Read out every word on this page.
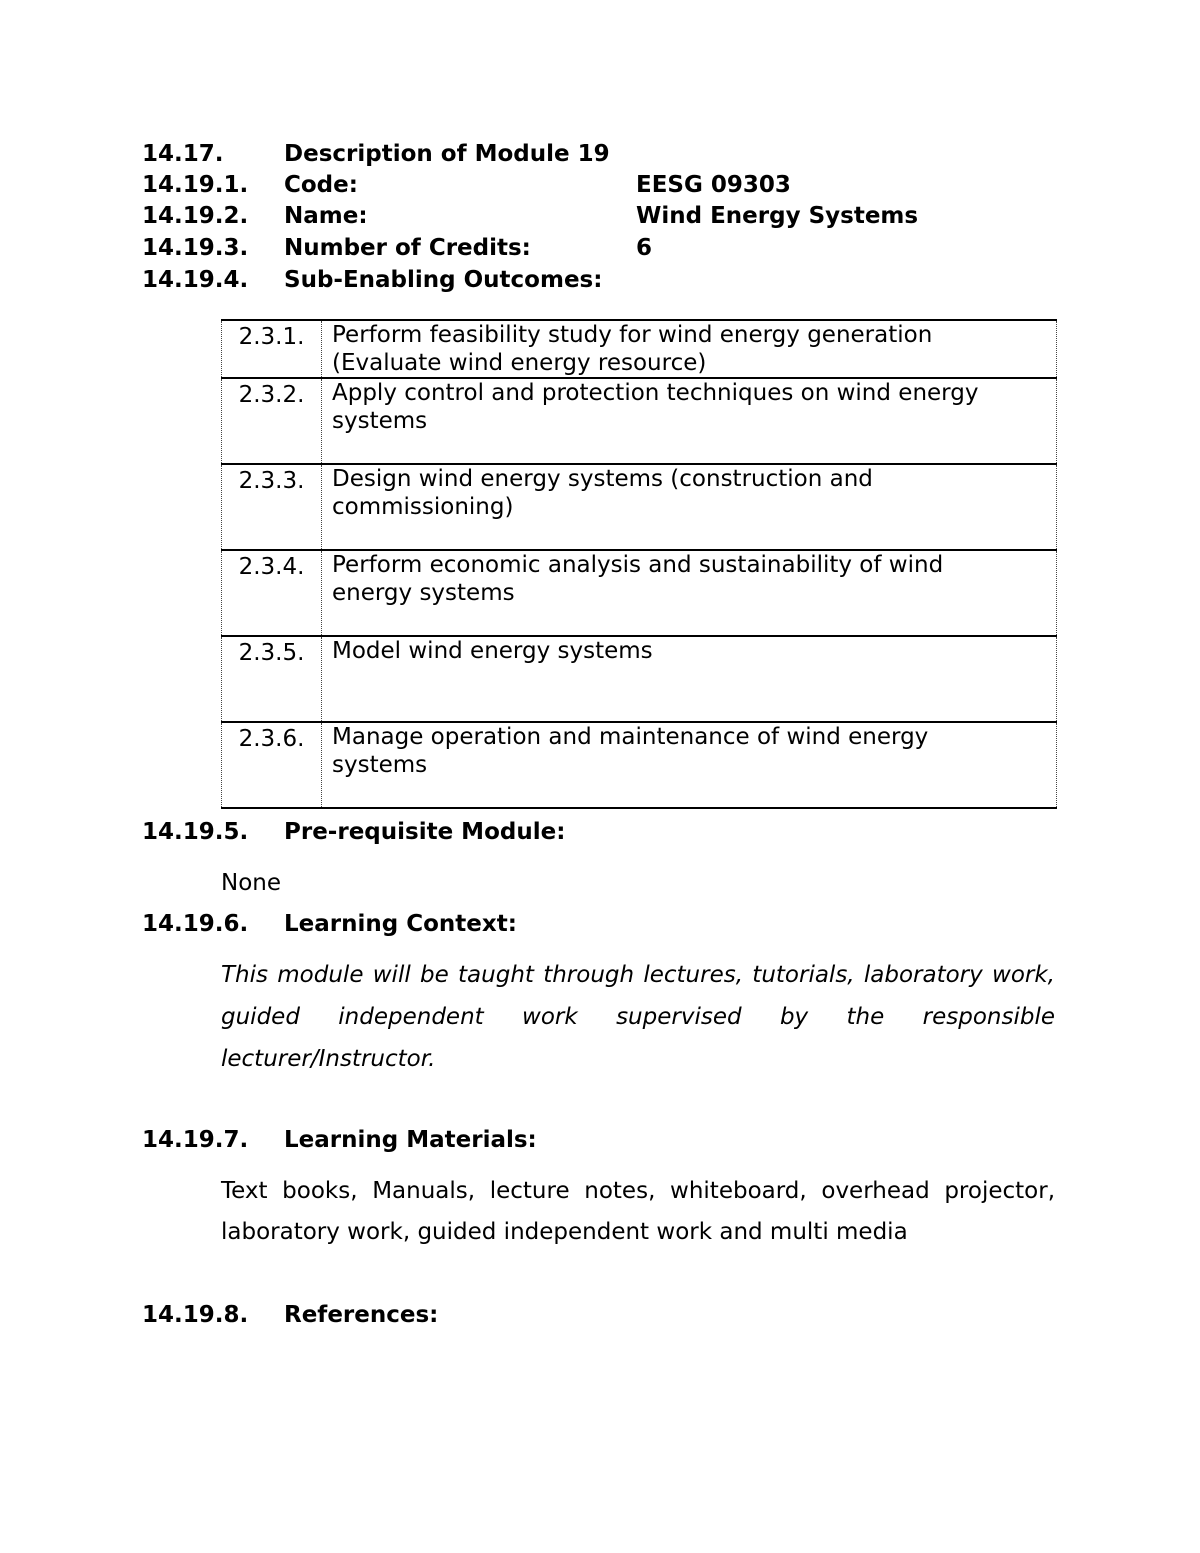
14.17.	Description of Module 19
14.19.1. Code:	EESG 09303
14.19.2. Name:	Wind Energy Systems
14.19.3. Number of Credits:	6
14.19.4. Sub-Enabling Outcomes:
2.3.1.	Perform feasibility study for wind energy generation
(Evaluate wind energy resource)

2.3.2.	Apply control and protection techniques on wind energy
systems

2.3.3.	Design wind energy systems (construction and
commissioning)

2.3.4.	Perform economic analysis and sustainability of wind
energy systems

2.3.5.	Model wind energy systems

2.3.6.	Manage operation and maintenance of wind energy
systems
14.19.5. Pre-requisite Module:
None
14.19.6. Learning Context:
This module will be taught through lectures, tutorials, laboratory work, guided independent work supervised by the responsible lecturer/Instructor.
14.19.7. Learning Materials:
Text books, Manuals, lecture notes, whiteboard, overhead projector, laboratory work, guided independent work and multi media
14.19.8. References:
